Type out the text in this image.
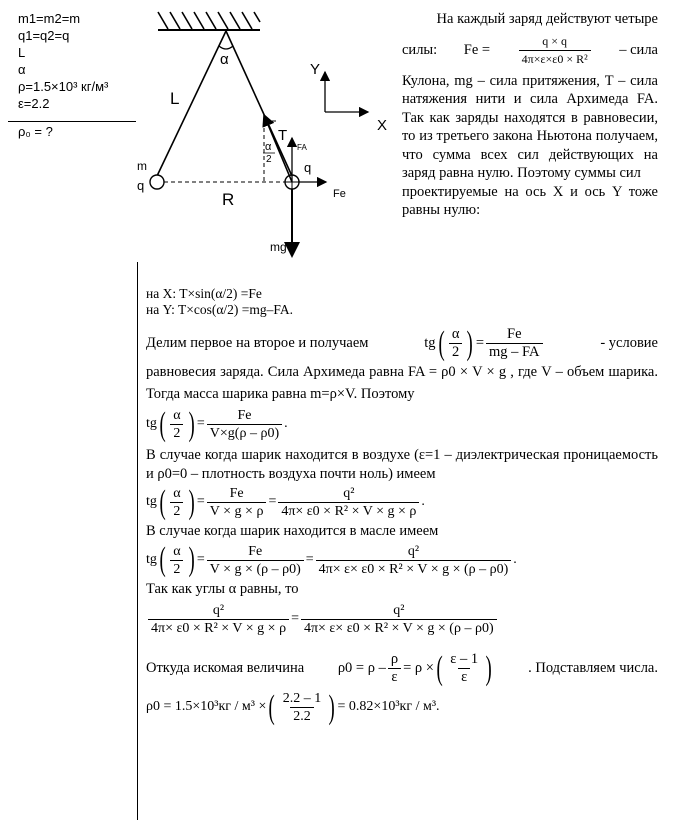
m1=m2=m
q1=q2=q
L
α
ρ=1.5×10³ кг/м³
ε=2.2
ρ₀ = ?
α
L
R
m
q
q
T
α
2
FA
Fe
mg
Y
X
На каждый заряд действуют четыре
силы: $Fe = \frac{q \times q}{\text{4π×ε×ε0 × R²}}$ – сила
Кулона, mg – сила притяжения, T – сила натяжения нити и сила Архимеда FA. Так как заряды находятся в равновесии, то из третьего закона Ньютона получаем, что сумма всех сил действующих на заряд равна нулю. Поэтому суммы сил
проектируемые на ось X и ось Y тоже равны нулю:
на X: T×sin(α/2) =Fe
на Y: T×cos(α/2) =mg–FA.
Делим первое на второе и получаем	tg ( $\frac{\alpha}{2}$ ) = $\frac{Fe}{mg - FA}$	- условие
равновесия заряда. Сила Архимеда равна FA = ρ0 × V × g , где V – объем шарика. Тогда масса шарика равна m=ρ×V. Поэтому
tg ( $\frac{\alpha}{2}$ ) = $\frac{Fe}{V\times g(\rho - \rho 0)}$ .
В случае когда шарик находится в воздухе (ε=1 – диэлектрическая проницаемость и ρ0=0 – плотность воздуха почти ноль) имеем
tg ( $\frac{\alpha}{2}$ ) = $\frac{Fe}{V \times g \times \rho} = \frac{\text{q²}}{\text{4π× ε0 × R² × V × g × ρ}}$ .
В случае когда шарик находится в масле имеем
tg ( $\frac{\alpha}{2}$ ) = $\frac{Fe}{V \times g \times (\rho - \rho 0)} = \frac{\text{q²}}{\text{4π× ε× ε0 × R² × V × g × (ρ – ρ0)}}$ .
Так как углы α равны, то
$\frac{\text{q²}}{\text{4π× ε0 × R² × V × g × ρ}} = \frac{\text{q²}}{\text{4π× ε× ε0 × R² × V × g × (ρ – ρ0)}}$
Откуда искомая величина $\rho 0 = \rho - \frac{\rho}{\varepsilon} = \rho$ × ( $\frac{\varepsilon - 1}{\varepsilon}$ ) . Подставляем числа.
ρ0 = 1.5×10³кг / м³ × ( $\frac{2.2 - 1}{2.2}$ ) = 0.82×10³кг / м³.
